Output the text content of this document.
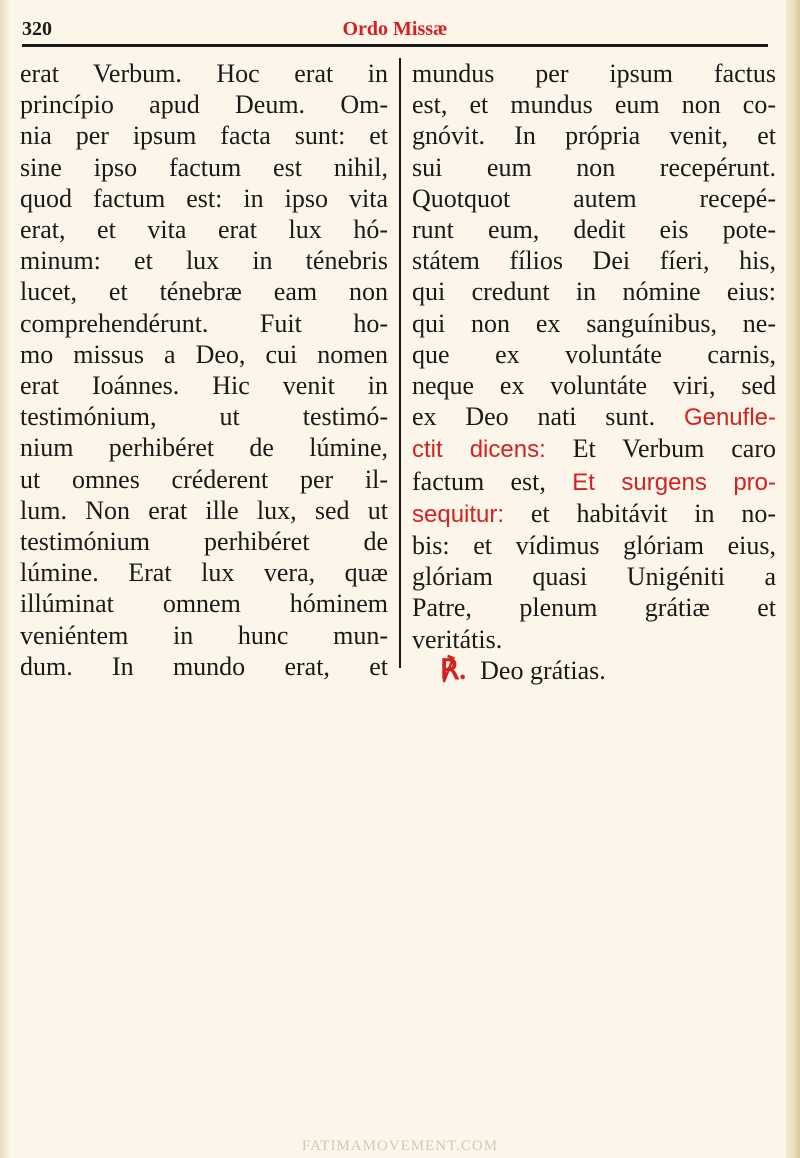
320	Ordo Missæ
erat Verbum. Hoc erat in
princípio apud Deum. Om-
nia per ipsum facta sunt: et
sine ipso factum est nihil,
quod factum est: in ipso vita
erat, et vita erat lux hó-
minum: et lux in ténebris
lucet, et ténebræ eam non
comprehendérunt. Fuit ho-
mo missus a Deo, cui nomen
erat Ioánnes. Hic venit in
testimónium, ut testimó-
nium perhibéret de lúmine,
ut omnes créderent per il-
lum. Non erat ille lux, sed ut
testimónium perhibéret de
lúmine. Erat lux vera, quæ
illúminat omnem hóminem
veniéntem in hunc mun-
dum. In mundo erat, et
mundus per ipsum factus
est, et mundus eum non co-
gnóvit. In própria venit, et
sui eum non recepérunt.
Quotquot autem recepé-
runt eum, dedit eis pote-
státem fílios Dei fíeri, his,
qui credunt in nómine eius:
qui non ex sanguínibus, ne-
que ex voluntáte carnis,
neque ex voluntáte viri, sed
ex Deo nati sunt. Genufle-
ctit dicens: Et Verbum caro
factum est, Et surgens pro-
sequitur: et habitávit in no-
bis: et vídimus glóriam eius,
glóriam quasi Unigéniti a
Patre, plenum grátiæ et
veritátis.
℟. Deo grátias.
FATIMAMOVEMENT.COM
